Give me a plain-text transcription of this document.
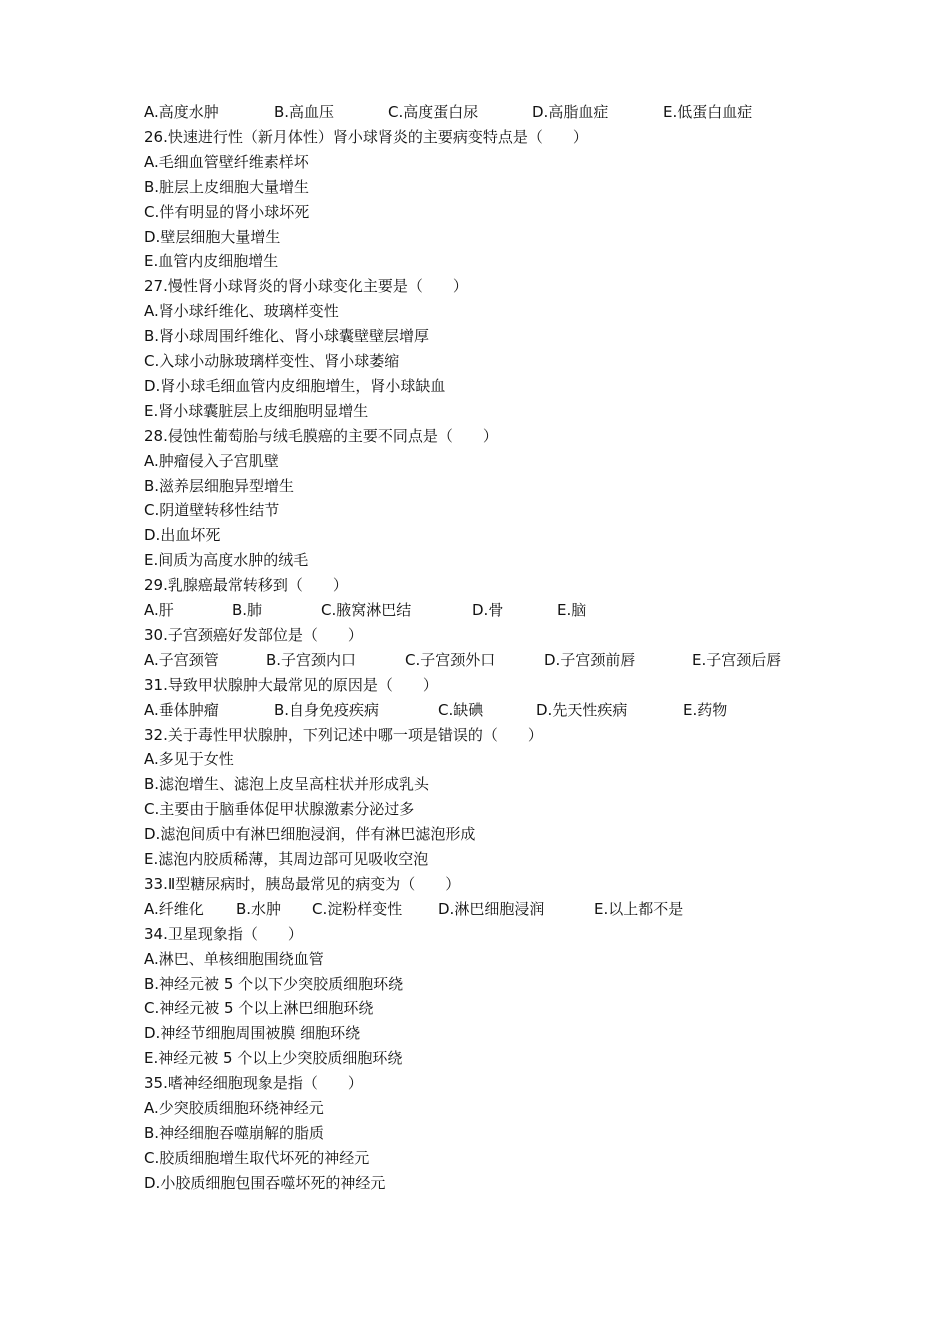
A.高度水肿	B.高血压	C.高度蛋白尿	D.高脂血症	E.低蛋白血症
26.快速进行性（新月体性）肾小球肾炎的主要病变特点是（　　）
A.毛细血管壁纤维素样坏
B.脏层上皮细胞大量增生
C.伴有明显的肾小球坏死
D.壁层细胞大量增生
E.血管内皮细胞增生
27.慢性肾小球肾炎的肾小球变化主要是（　　）
A.肾小球纤维化、玻璃样变性
B.肾小球周围纤维化、肾小球囊壁壁层增厚
C.入球小动脉玻璃样变性、肾小球萎缩
D.肾小球毛细血管内皮细胞增生，肾小球缺血
E.肾小球囊脏层上皮细胞明显增生
28.侵蚀性葡萄胎与绒毛膜癌的主要不同点是（　　）
A.肿瘤侵入子宫肌壁
B.滋养层细胞异型增生
C.阴道壁转移性结节
D.出血坏死
E.间质为高度水肿的绒毛
29.乳腺癌最常转移到（　　）
A.肝	B.肺	C.腋窝淋巴结	D.骨	E.脑
30.子宫颈癌好发部位是（　　）
A.子宫颈管	B.子宫颈内口	C.子宫颈外口	D.子宫颈前唇	E.子宫颈后唇
31.导致甲状腺肿大最常见的原因是（　　）
A.垂体肿瘤	B.自身免疫疾病	C.缺碘	D.先天性疾病	E.药物
32.关于毒性甲状腺肿，下列记述中哪一项是错误的（　　）
A.多见于女性
B.滤泡增生、滤泡上皮呈高柱状并形成乳头
C.主要由于脑垂体促甲状腺激素分泌过多
D.滤泡间质中有淋巴细胞浸润，伴有淋巴滤泡形成
E.滤泡内胶质稀薄，其周边部可见吸收空泡
33.Ⅱ型糖尿病时，胰岛最常见的病变为（　　）
A.纤维化 B.水肿 C.淀粉样变性 D.淋巴细胞浸润	E.以上都不是
34.卫星现象指（　　）
A.淋巴、单核细胞围绕血管
B.神经元被 5 个以下少突胶质细胞环绕
C.神经元被 5 个以上淋巴细胞环绕
D.神经节细胞周围被膜 细胞环绕
E.神经元被 5 个以上少突胶质细胞环绕
35.嗜神经细胞现象是指（　　）
A.少突胶质细胞环绕神经元
B.神经细胞吞噬崩解的脂质
C.胶质细胞增生取代坏死的神经元
D.小胶质细胞包围吞噬坏死的神经元
